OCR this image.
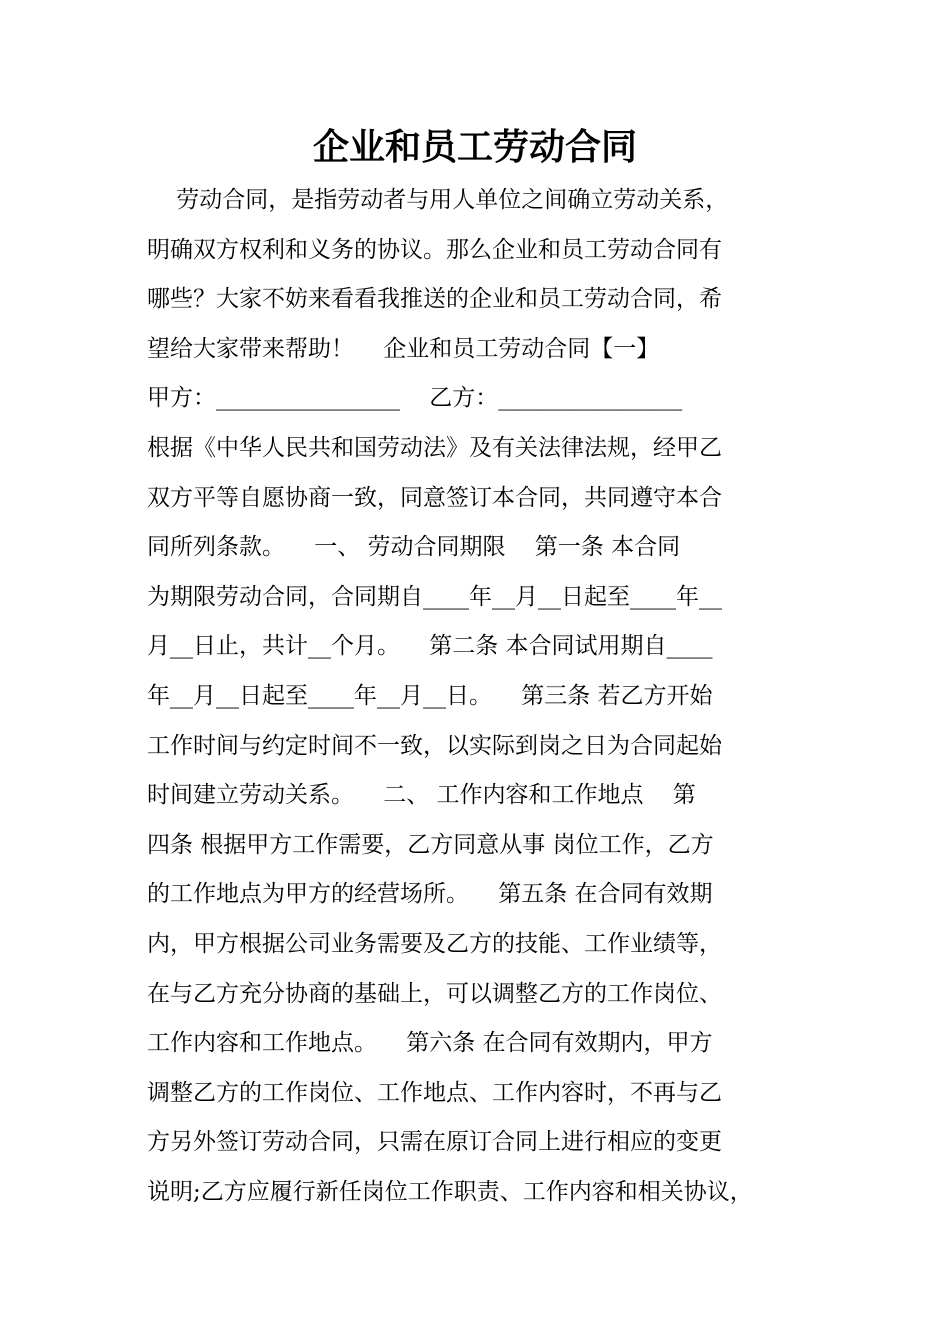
企业和员工劳动合同
劳动合同，是指劳动者与用人单位之间确立劳动关系，
明确双方权利和义务的协议。那么企业和员工劳动合同有
哪些？大家不妨来看看我推送的企业和员工劳动合同，希
望给大家带来帮助！    企业和员工劳动合同【一】
甲方：________________    乙方：________________
根据《中华人民共和国劳动法》及有关法律法规，经甲乙
双方平等自愿协商一致，同意签订本合同，共同遵守本合
同所列条款。    一、 劳动合同期限    第一条 本合同
为期限劳动合同，合同期自____年__月__日起至____年__
月__日止，共计__个月。    第二条 本合同试用期自____
年__月__日起至____年__月__日。    第三条 若乙方开始
工作时间与约定时间不一致，以实际到岗之日为合同起始
时间建立劳动关系。    二、 工作内容和工作地点    第
四条 根据甲方工作需要，乙方同意从事 岗位工作，乙方
的工作地点为甲方的经营场所。    第五条 在合同有效期
内，甲方根据公司业务需要及乙方的技能、工作业绩等，
在与乙方充分协商的基础上，可以调整乙方的工作岗位、
工作内容和工作地点。    第六条 在合同有效期内，甲方
调整乙方的工作岗位、工作地点、工作内容时，不再与乙
方另外签订劳动合同，只需在原订合同上进行相应的变更
说明;乙方应履行新任岗位工作职责、工作内容和相关协议，
